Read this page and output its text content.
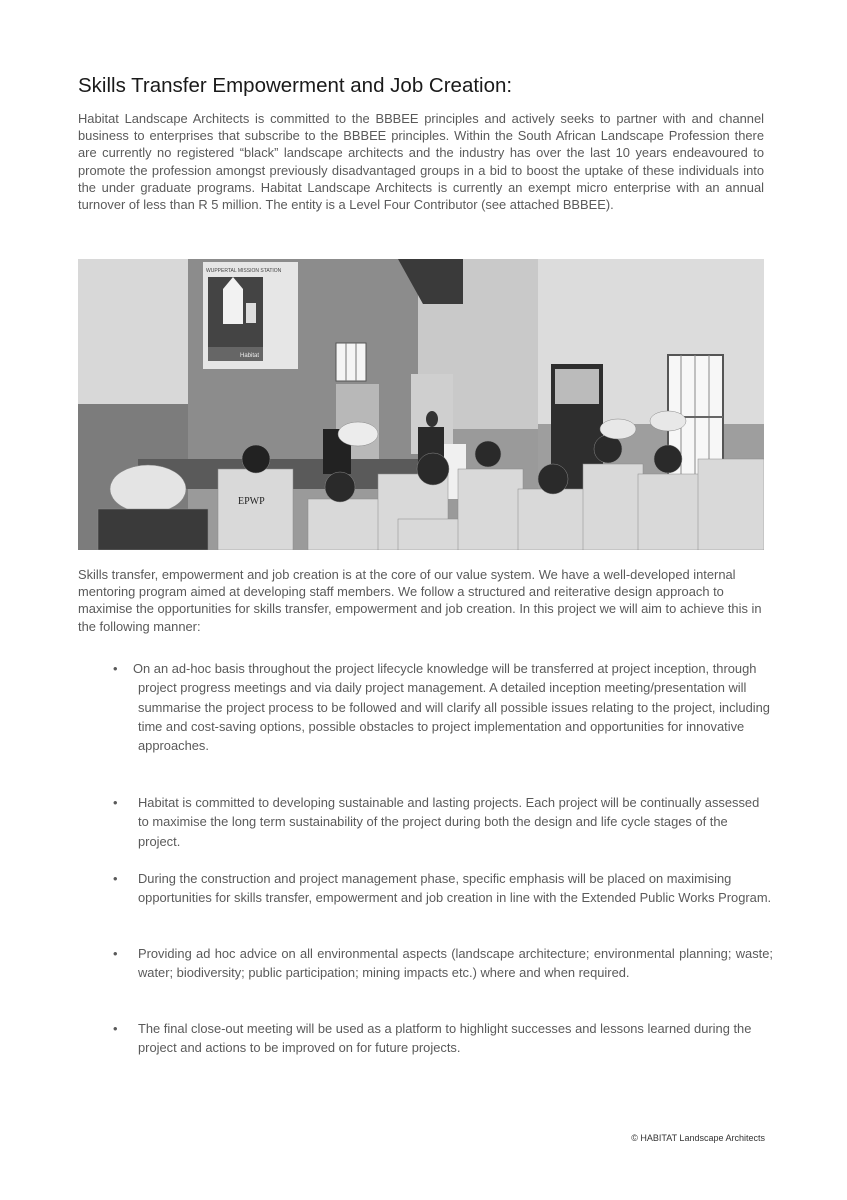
Skills Transfer Empowerment and Job Creation:

Habitat Landscape Architects is committed to the BBBEE principles and actively seeks to partner with and channel business to enterprises that subscribe to the BBBEE principles. Within the South African Landscape Profession there are currently no registered “black” landscape architects and the industry has over the last 10 years endeavoured to promote the profession amongst previously disadvantaged groups in a bid to boost the uptake of these individuals into the under graduate programs. Habitat Landscape Architects is currently an exempt micro enterprise with an annual turnover of less than R 5 million. The entity is a Level Four Contributor (see attached BBBEE).

WUPPERTAL MISSION STATION
Habitat
EPWP

Skills transfer, empowerment and job creation is at the core of our value system. We have a well-developed internal mentoring program aimed at developing staff members. We follow a structured and reiterative design approach to maximise the opportunities for skills transfer, empowerment and job creation. In this project we will aim to achieve this in the following manner:

• On an ad-hoc basis throughout the project lifecycle knowledge will be transferred at project inception, through project progress meetings and via daily project management. A detailed inception meeting/presentation will summarise the project process to be followed and will clarify all possible issues relating to the project, including time and cost-saving options, possible obstacles to project implementation and opportunities for innovative approaches.
• Habitat is committed to developing sustainable and lasting projects. Each project will be continually assessed to maximise the long term sustainability of the project during both the design and life cycle stages of the project.
• During the construction and project management phase, specific emphasis will be placed on maximising opportunities for skills transfer, empowerment and job creation in line with the Extended Public Works Program.
• Providing ad hoc advice on all environmental aspects (landscape architecture; environmental planning; waste; water; biodiversity; public participation; mining impacts etc.) where and when required.
• The final close-out meeting will be used as a platform to highlight successes and lessons learned during the project and actions to be improved on for future projects.
© HABITAT Landscape Architects
